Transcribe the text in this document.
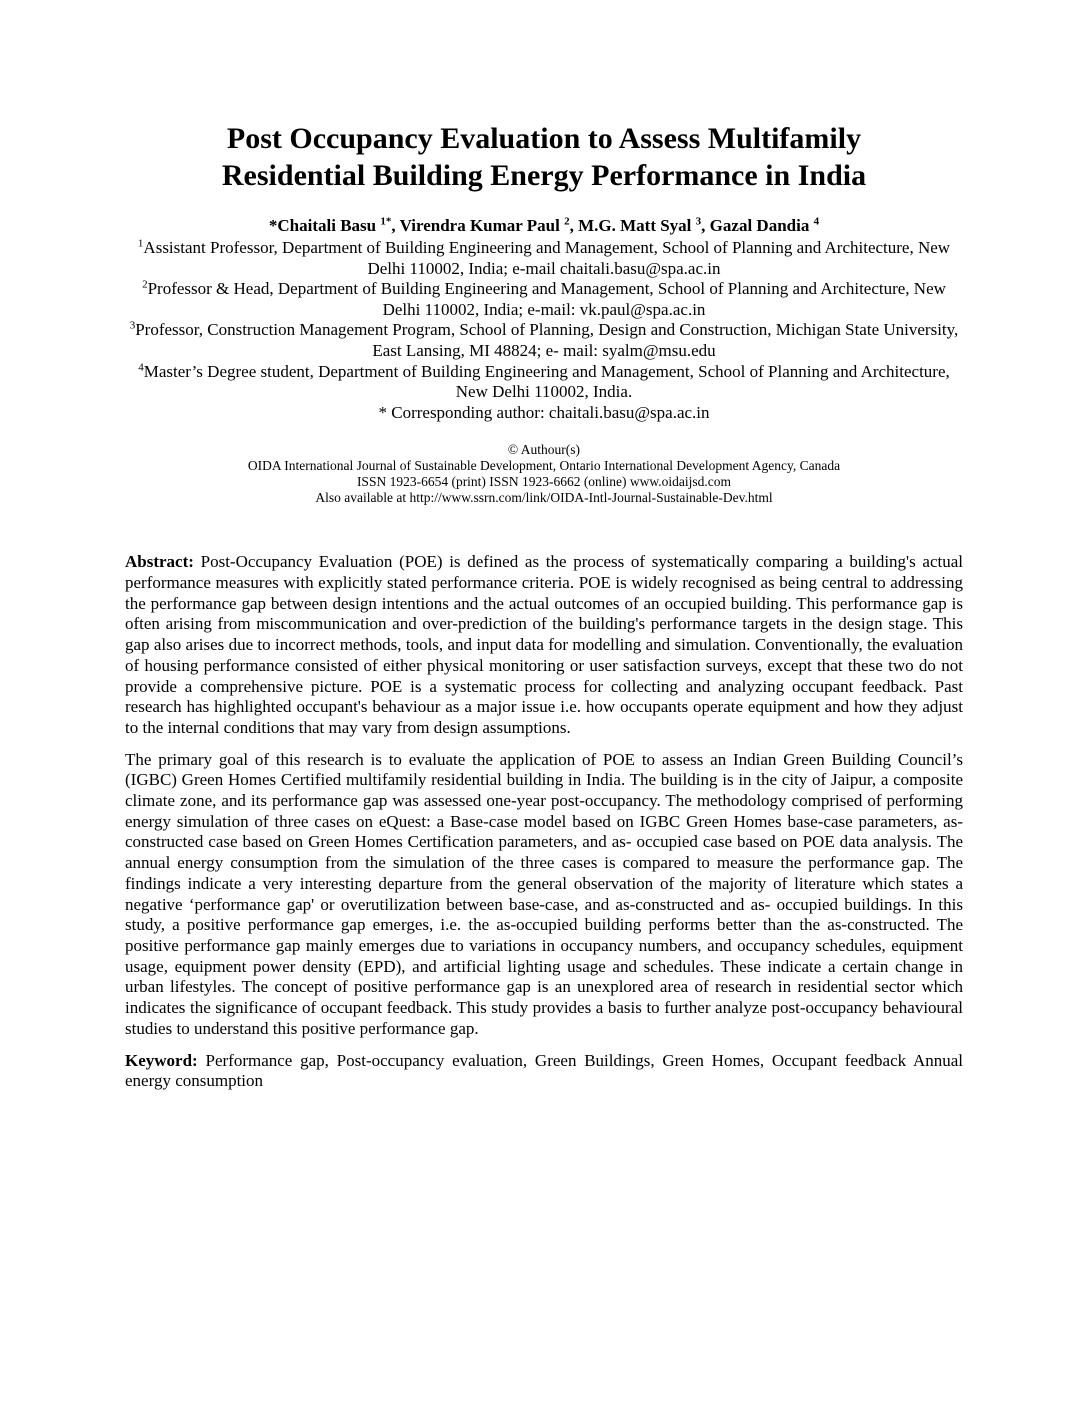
Post Occupancy Evaluation to Assess Multifamily
Residential Building Energy Performance in India

*Chaitali Basu $^{1*}$, Virendra Kumar Paul $^2$, M.G. Matt Syal $^3$, Gazal Dandia $^4$

$^1$Assistant Professor, Department of Building Engineering and Management, School of Planning and Architecture, New Delhi 110002, India; e-mail chaitali.basu@spa.ac.in

$^2$Professor & Head, Department of Building Engineering and Management, School of Planning and Architecture, New Delhi 110002, India; e-mail: vk.paul@spa.ac.in

$^3$Professor, Construction Management Program, School of Planning, Design and Construction, Michigan State University, East Lansing, MI 48824; e- mail: syalm@msu.edu

$^4$Master’s Degree student, Department of Building Engineering and Management, School of Planning and Architecture, New Delhi 110002, India.

* Corresponding author: chaitali.basu@spa.ac.in

© Authour(s)

OIDA International Journal of Sustainable Development, Ontario International Development Agency, Canada

ISSN 1923-6654 (print) ISSN 1923-6662 (online) www.oidaijsd.com

Also available at http://www.ssrn.com/link/OIDA-Intl-Journal-Sustainable-Dev.html

Abstract: Post-Occupancy Evaluation (POE) is defined as the process of systematically comparing a building's actual performance measures with explicitly stated performance criteria. POE is widely recognised as being central to addressing the performance gap between design intentions and the actual outcomes of an occupied building. This performance gap is often arising from miscommunication and over-prediction of the building's performance targets in the design stage. This gap also arises due to incorrect methods, tools, and input data for modelling and simulation. Conventionally, the evaluation of housing performance consisted of either physical monitoring or user satisfaction surveys, except that these two do not provide a comprehensive picture. POE is a systematic process for collecting and analyzing occupant feedback. Past research has highlighted occupant's behaviour as a major issue i.e. how occupants operate equipment and how they adjust to the internal conditions that may vary from design assumptions.

The primary goal of this research is to evaluate the application of POE to assess an Indian Green Building Council’s (IGBC) Green Homes Certified multifamily residential building in India. The building is in the city of Jaipur, a composite climate zone, and its performance gap was assessed one-year post-occupancy. The methodology comprised of performing energy simulation of three cases on eQuest: a Base-case model based on IGBC Green Homes base-case parameters, as-constructed case based on Green Homes Certification parameters, and as- occupied case based on POE data analysis. The annual energy consumption from the simulation of the three cases is compared to measure the performance gap. The findings indicate a very interesting departure from the general observation of the majority of literature which states a negative ‘performance gap' or overutilization between base-case, and as-constructed and as- occupied buildings. In this study, a positive performance gap emerges, i.e. the as-occupied building performs better than the as-constructed. The positive performance gap mainly emerges due to variations in occupancy numbers, and occupancy schedules, equipment usage, equipment power density (EPD), and artificial lighting usage and schedules. These indicate a certain change in urban lifestyles. The concept of positive performance gap is an unexplored area of research in residential sector which indicates the significance of occupant feedback. This study provides a basis to further analyze post-occupancy behavioural studies to understand this positive performance gap.

Keyword: Performance gap, Post-occupancy evaluation, Green Buildings, Green Homes, Occupant feedback Annual energy consumption
